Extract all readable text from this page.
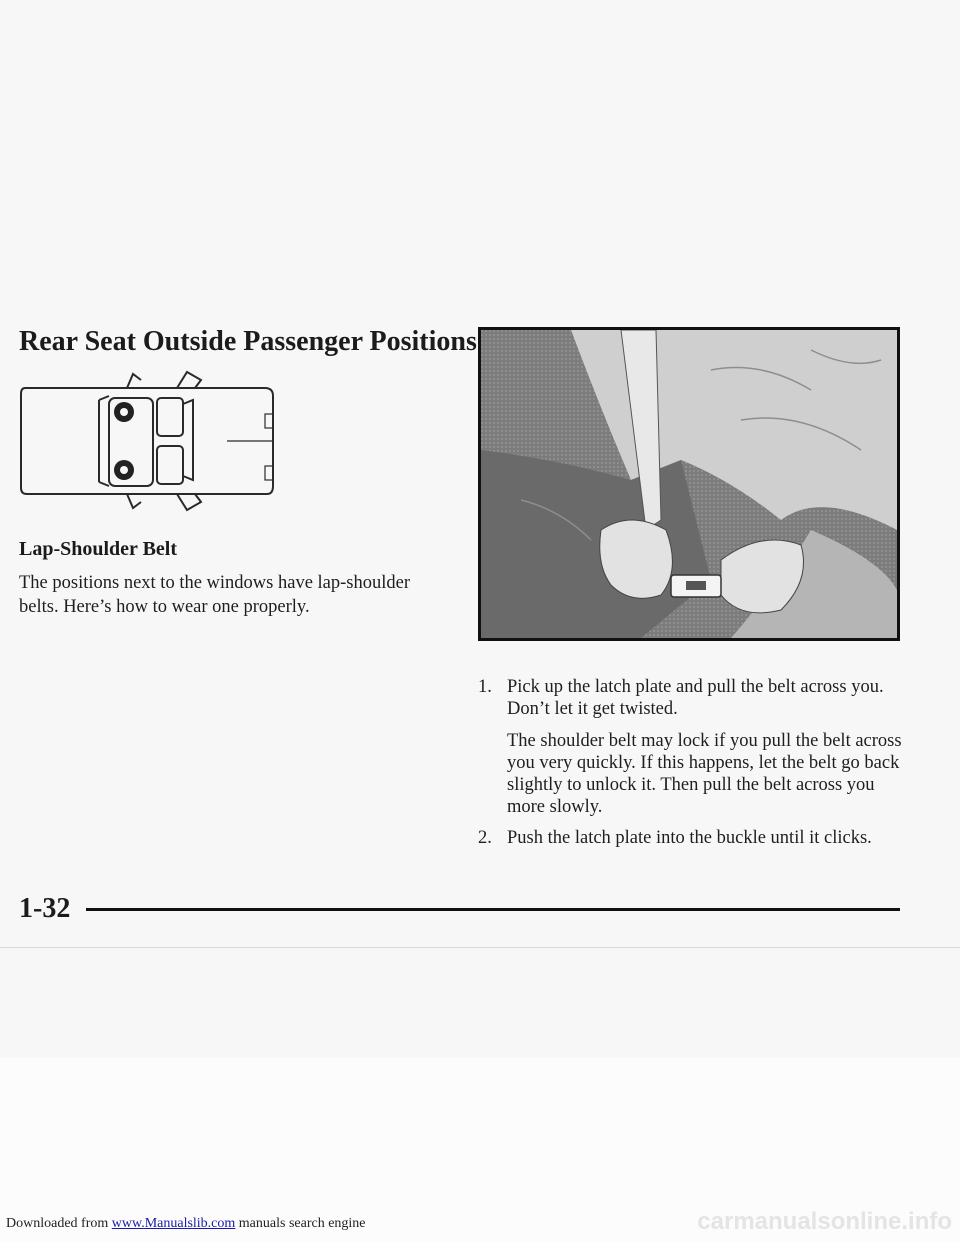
Rear Seat Outside Passenger Positions
Lap-Shoulder Belt

The positions next to the windows have lap-shoulder belts. Here’s how to wear one properly.

1. Pick up the latch plate and pull the belt across you. Don’t let it get twisted.
The shoulder belt may lock if you pull the belt across you very quickly. If this happens, let the belt go back slightly to unlock it. Then pull the belt across you more slowly.
2. Push the latch plate into the buckle until it clicks.
1-32
Downloaded from www.Manualslib.com manuals search engine	carmanualsonline.info
